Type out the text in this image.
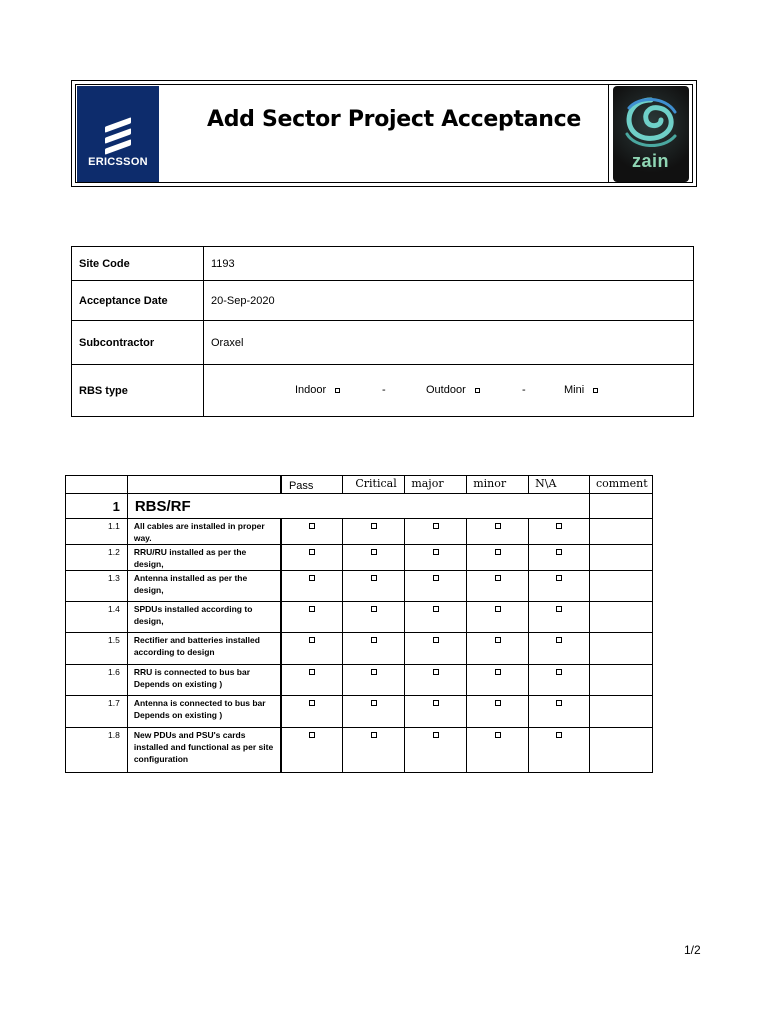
ERICSSON
Add Sector Project Acceptance
zain
Site Code	1193
Acceptance Date	20-Sep-2020
Subcontractor	Oraxel
RBS type	Indoor - Outdoor - Mini
		Pass	Critical	major	minor	N\A	comment
1	RBS/RF						
1.1	All cables are installed in proper way.						
1.2	RRU/RU installed as per the design,						
1.3	Antenna installed as per the design,						
1.4	SPDUs installed according to design,						
1.5	Rectifier and batteries installed according to design						
1.6	RRU is connected to bus bar Depends on existing )						
1.7	Antenna is connected to bus bar Depends on existing )						
1.8	New PDUs and PSU's cards installed and functional as per site configuration						
1/2
